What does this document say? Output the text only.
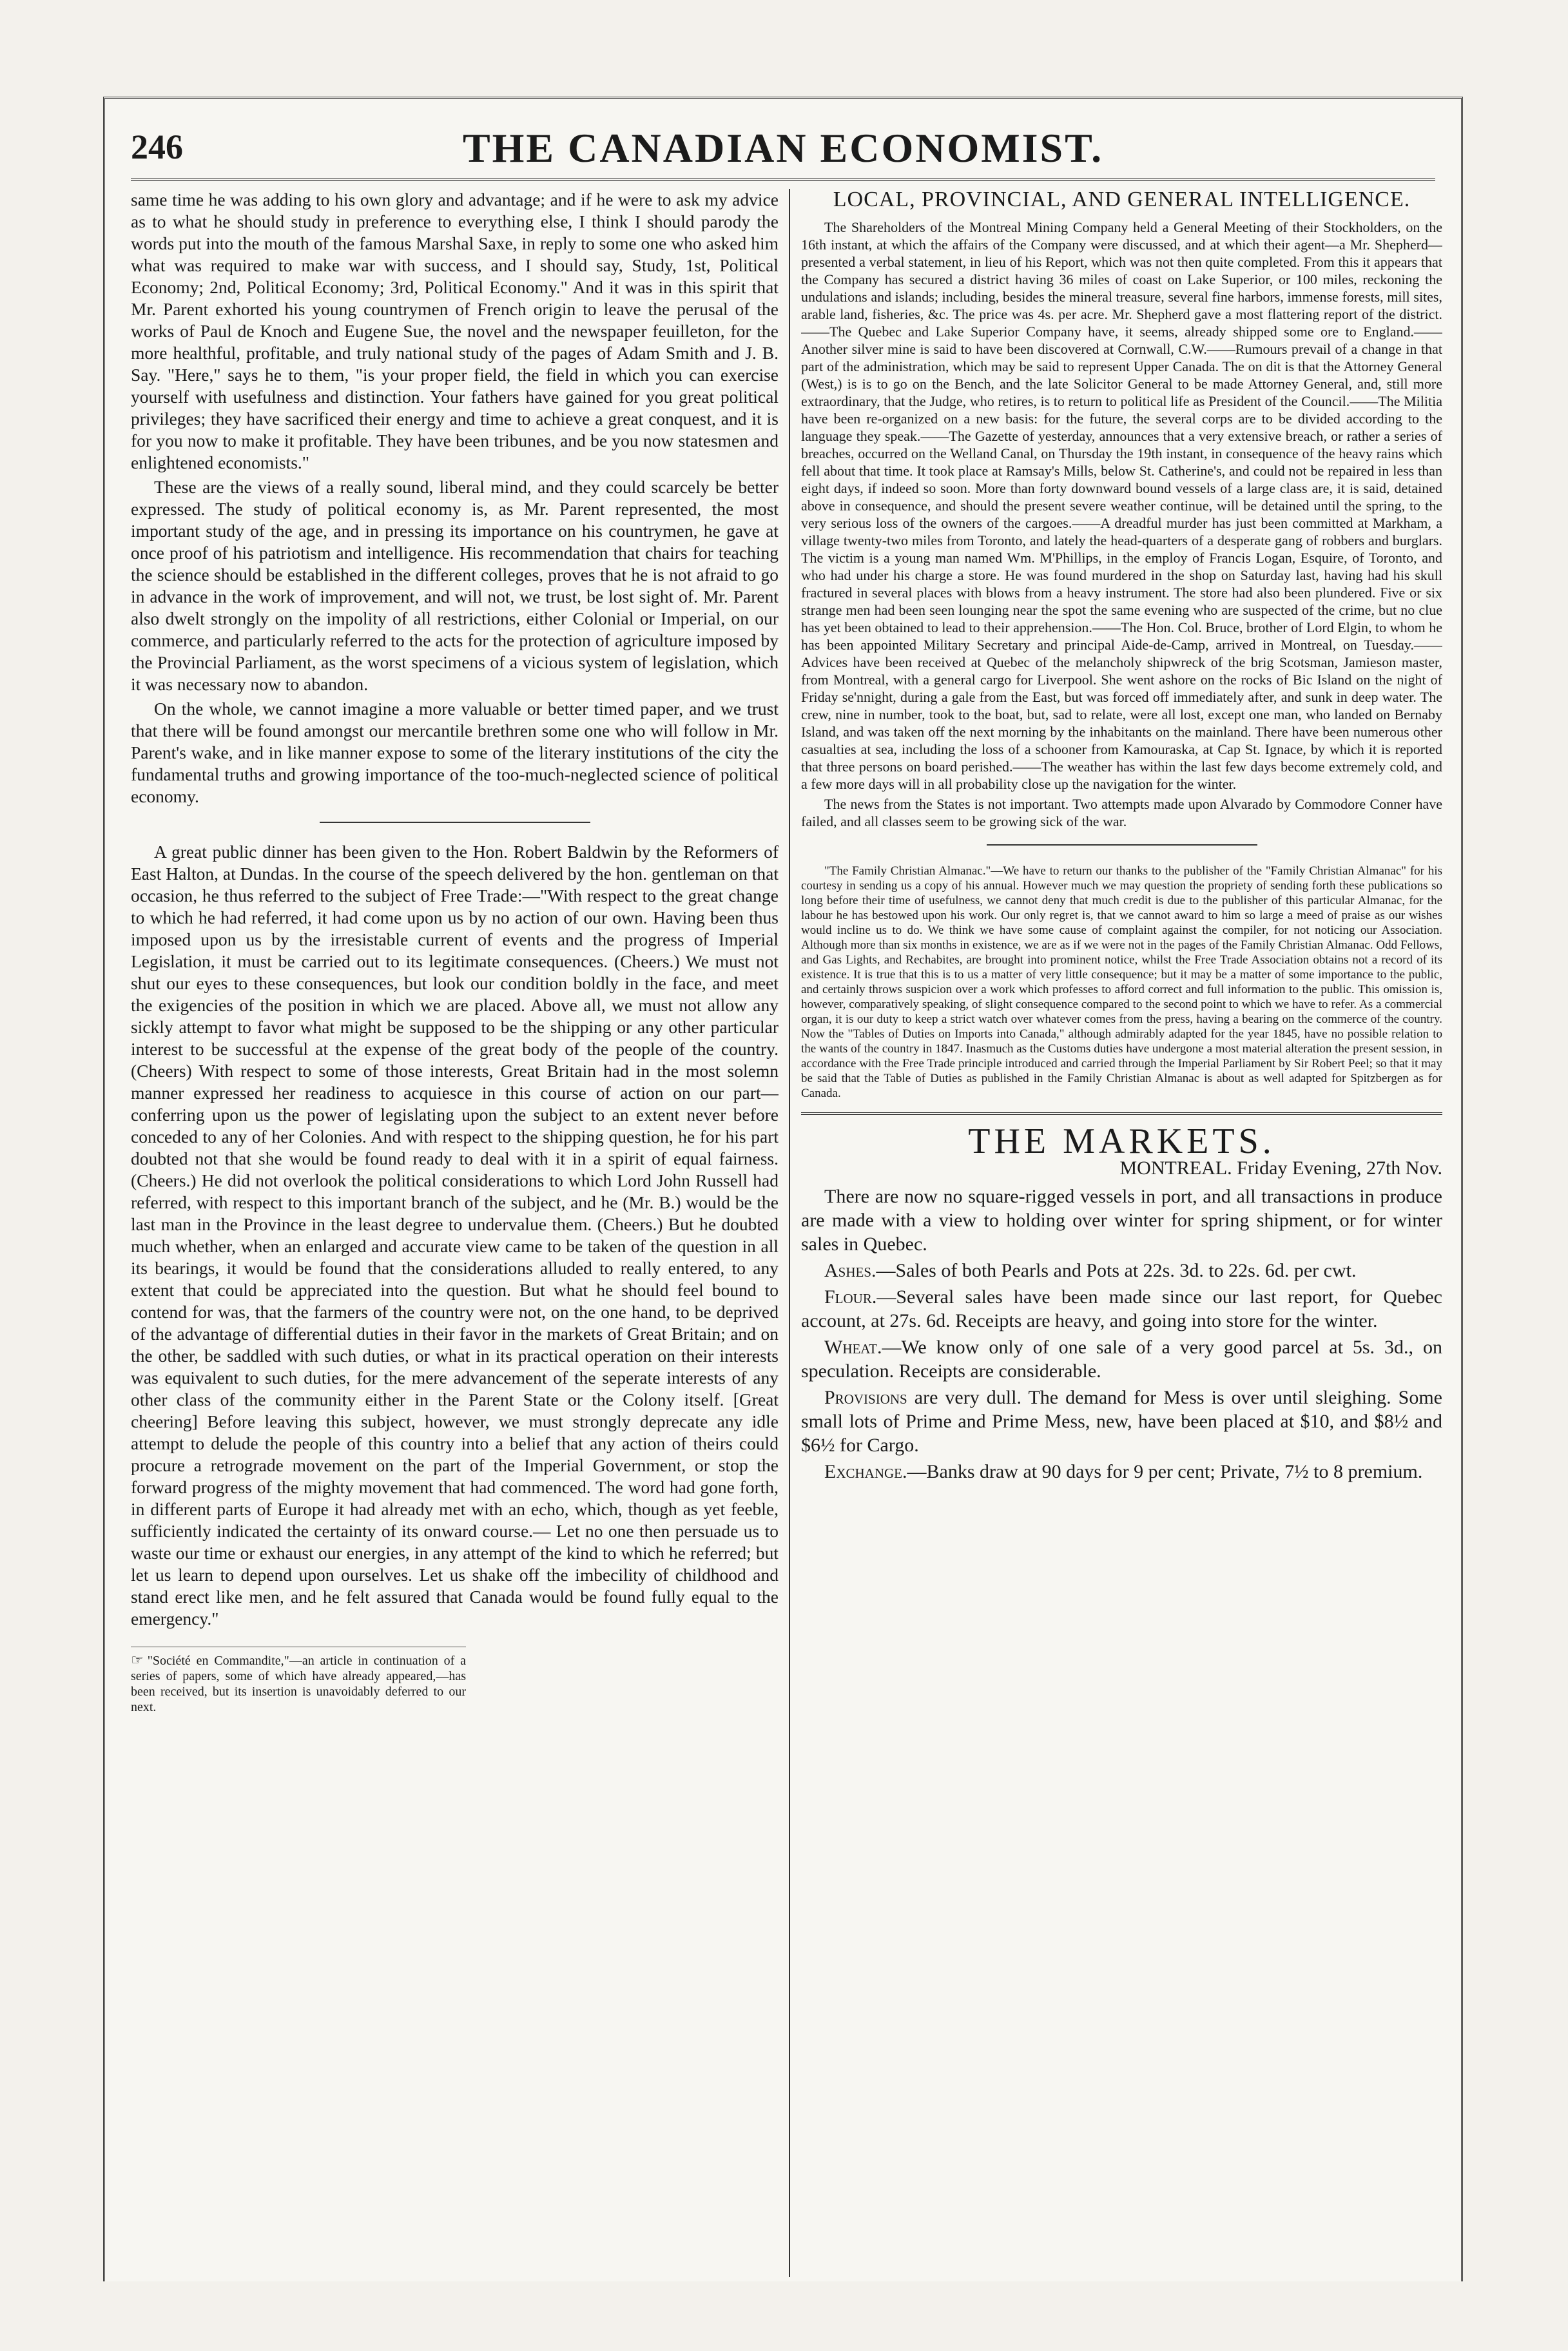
246	THE CANADIAN ECONOMIST.

same time he was adding to his own glory and advantage; and if he were to ask my advice as to what he should study in preference to everything else, I think I should parody the words put into the mouth of the famous Marshal Saxe, in reply to some one who asked him what was required to make war with success, and I should say, Study, 1st, Political Economy; 2nd, Political Economy; 3rd, Political Economy." And it was in this spirit that Mr. Parent exhorted his young countrymen of French origin to leave the perusal of the works of Paul de Knoch and Eugene Sue, the novel and the newspaper feuilleton, for the more healthful, profitable, and truly national study of the pages of Adam Smith and J. B. Say. "Here," says he to them, "is your proper field, the field in which you can exercise yourself with usefulness and distinction. Your fathers have gained for you great political privileges; they have sacrificed their energy and time to achieve a great conquest, and it is for you now to make it profitable. They have been tribunes, and be you now statesmen and enlightened economists."

These are the views of a really sound, liberal mind, and they could scarcely be better expressed. The study of political economy is, as Mr. Parent represented, the most important study of the age, and in pressing its importance on his countrymen, he gave at once proof of his patriotism and intelligence. His recommendation that chairs for teaching the science should be established in the different colleges, proves that he is not afraid to go in advance in the work of improvement, and will not, we trust, be lost sight of. Mr. Parent also dwelt strongly on the impolity of all restrictions, either Colonial or Imperial, on our commerce, and particularly referred to the acts for the protection of agriculture imposed by the Provincial Parliament, as the worst specimens of a vicious system of legislation, which it was necessary now to abandon.

On the whole, we cannot imagine a more valuable or better timed paper, and we trust that there will be found amongst our mercantile brethren some one who will follow in Mr. Parent's wake, and in like manner expose to some of the literary institutions of the city the fundamental truths and growing importance of the too-much-neglected science of political economy.

A great public dinner has been given to the Hon. Robert Baldwin by the Reformers of East Halton, at Dundas. In the course of the speech delivered by the hon. gentleman on that occasion, he thus referred to the subject of Free Trade:—"With respect to the great change to which he had referred, it had come upon us by no action of our own. Having been thus imposed upon us by the irresistable current of events and the progress of Imperial Legislation, it must be carried out to its legitimate consequences. (Cheers.) We must not shut our eyes to these consequences, but look our condition boldly in the face, and meet the exigencies of the position in which we are placed. Above all, we must not allow any sickly attempt to favor what might be supposed to be the shipping or any other particular interest to be successful at the expense of the great body of the people of the country. (Cheers) With respect to some of those interests, Great Britain had in the most solemn manner expressed her readiness to acquiesce in this course of action on our part—conferring upon us the power of legislating upon the subject to an extent never before conceded to any of her Colonies. And with respect to the shipping question, he for his part doubted not that she would be found ready to deal with it in a spirit of equal fairness. (Cheers.) He did not overlook the political considerations to which Lord John Russell had referred, with respect to this important branch of the subject, and he (Mr. B.) would be the last man in the Province in the least degree to undervalue them. (Cheers.) But he doubted much whether, when an enlarged and accurate view came to be taken of the question in all its bearings, it would be found that the considerations alluded to really entered, to any extent that could be appreciated into the question. But what he should feel bound to contend for was, that the farmers of the country were not, on the one hand, to be deprived of the advantage of differential duties in their favor in the markets of Great Britain; and on the other, be saddled with such duties, or what in its practical operation on their interests was equivalent to such duties, for the mere advancement of the seperate interests of any other class of the community either in the Parent State or the Colony itself. [Great cheering] Before leaving this subject, however, we must strongly deprecate any idle attempt to delude the people of this country into a belief that any action of theirs could procure a retrograde movement on the part of the Imperial Government, or stop the forward progress of the mighty movement that had commenced. The word had gone forth, in different parts of Europe it had already met with an echo, which, though as yet feeble, sufficiently indicated the certainty of its onward course.— Let no one then persuade us to waste our time or exhaust our energies, in any attempt of the kind to which he referred; but let us learn to depend upon ourselves. Let us shake off the imbecility of childhood and stand erect like men, and he felt assured that Canada would be found fully equal to the emergency."

☞ "Société en Commandite,"—an article in continuation of a series of papers, some of which have already appeared,—has been received, but its insertion is unavoidably deferred to our next.
LOCAL, PROVINCIAL, AND GENERAL INTELLIGENCE.

The Shareholders of the Montreal Mining Company held a General Meeting of their Stockholders, on the 16th instant, at which the affairs of the Company were discussed, and at which their agent—a Mr. Shepherd—presented a verbal statement, in lieu of his Report, which was not then quite completed. From this it appears that the Company has secured a district having 36 miles of coast on Lake Superior, or 100 miles, reckoning the undulations and islands; including, besides the mineral treasure, several fine harbors, immense forests, mill sites, arable land, fisheries, &c. The price was 4s. per acre. Mr. Shepherd gave a most flattering report of the district.——The Quebec and Lake Superior Company have, it seems, already shipped some ore to England.——Another silver mine is said to have been discovered at Cornwall, C.W.——Rumours prevail of a change in that part of the administration, which may be said to represent Upper Canada. The on dit is that the Attorney General (West,) is is to go on the Bench, and the late Solicitor General to be made Attorney General, and, still more extraordinary, that the Judge, who retires, is to return to political life as President of the Council.——The Militia have been re-organized on a new basis: for the future, the several corps are to be divided according to the language they speak.——The Gazette of yesterday, announces that a very extensive breach, or rather a series of breaches, occurred on the Welland Canal, on Thursday the 19th instant, in consequence of the heavy rains which fell about that time. It took place at Ramsay's Mills, below St. Catherine's, and could not be repaired in less than eight days, if indeed so soon. More than forty downward bound vessels of a large class are, it is said, detained above in consequence, and should the present severe weather continue, will be detained until the spring, to the very serious loss of the owners of the cargoes.——A dreadful murder has just been committed at Markham, a village twenty-two miles from Toronto, and lately the head-quarters of a desperate gang of robbers and burglars. The victim is a young man named Wm. M'Phillips, in the employ of Francis Logan, Esquire, of Toronto, and who had under his charge a store. He was found murdered in the shop on Saturday last, having had his skull fractured in several places with blows from a heavy instrument. The store had also been plundered. Five or six strange men had been seen lounging near the spot the same evening who are suspected of the crime, but no clue has yet been obtained to lead to their apprehension.——The Hon. Col. Bruce, brother of Lord Elgin, to whom he has been appointed Military Secretary and principal Aide-de-Camp, arrived in Montreal, on Tuesday.——Advices have been received at Quebec of the melancholy shipwreck of the brig Scotsman, Jamieson master, from Montreal, with a general cargo for Liverpool. She went ashore on the rocks of Bic Island on the night of Friday se'nnight, during a gale from the East, but was forced off immediately after, and sunk in deep water. The crew, nine in number, took to the boat, but, sad to relate, were all lost, except one man, who landed on Bernaby Island, and was taken off the next morning by the inhabitants on the mainland. There have been numerous other casualties at sea, including the loss of a schooner from Kamouraska, at Cap St. Ignace, by which it is reported that three persons on board perished.——The weather has within the last few days become extremely cold, and a few more days will in all probability close up the navigation for the winter.

The news from the States is not important. Two attempts made upon Alvarado by Commodore Conner have failed, and all classes seem to be growing sick of the war.

"The Family Christian Almanac."—We have to return our thanks to the publisher of the "Family Christian Almanac" for his courtesy in sending us a copy of his annual. However much we may question the propriety of sending forth these publications so long before their time of usefulness, we cannot deny that much credit is due to the publisher of this particular Almanac, for the labour he has bestowed upon his work. Our only regret is, that we cannot award to him so large a meed of praise as our wishes would incline us to do. We think we have some cause of complaint against the compiler, for not noticing our Association. Although more than six months in existence, we are as if we were not in the pages of the Family Christian Almanac. Odd Fellows, and Gas Lights, and Rechabites, are brought into prominent notice, whilst the Free Trade Association obtains not a record of its existence. It is true that this is to us a matter of very little consequence; but it may be a matter of some importance to the public, and certainly throws suspicion over a work which professes to afford correct and full information to the public. This omission is, however, comparatively speaking, of slight consequence compared to the second point to which we have to refer. As a commercial organ, it is our duty to keep a strict watch over whatever comes from the press, having a bearing on the commerce of the country. Now the "Tables of Duties on Imports into Canada," although admirably adapted for the year 1845, have no possible relation to the wants of the country in 1847. Inasmuch as the Customs duties have undergone a most material alteration the present session, in accordance with the Free Trade principle introduced and carried through the Imperial Parliament by Sir Robert Peel; so that it may be said that the Table of Duties as published in the Family Christian Almanac is about as well adapted for Spitzbergen as for Canada.

THE MARKETS.
MONTREAL. Friday Evening, 27th Nov.

There are now no square-rigged vessels in port, and all transactions in produce are made with a view to holding over winter for spring shipment, or for winter sales in Quebec.

Ashes.—Sales of both Pearls and Pots at 22s. 3d. to 22s. 6d. per cwt.

Flour.—Several sales have been made since our last report, for Quebec account, at 27s. 6d. Receipts are heavy, and going into store for the winter.

Wheat.—We know only of one sale of a very good parcel at 5s. 3d., on speculation. Receipts are considerable.

Provisions are very dull. The demand for Mess is over until sleighing. Some small lots of Prime and Prime Mess, new, have been placed at $10, and $8½ and $6½ for Cargo.

Exchange.—Banks draw at 90 days for 9 per cent; Private, 7½ to 8 premium.
